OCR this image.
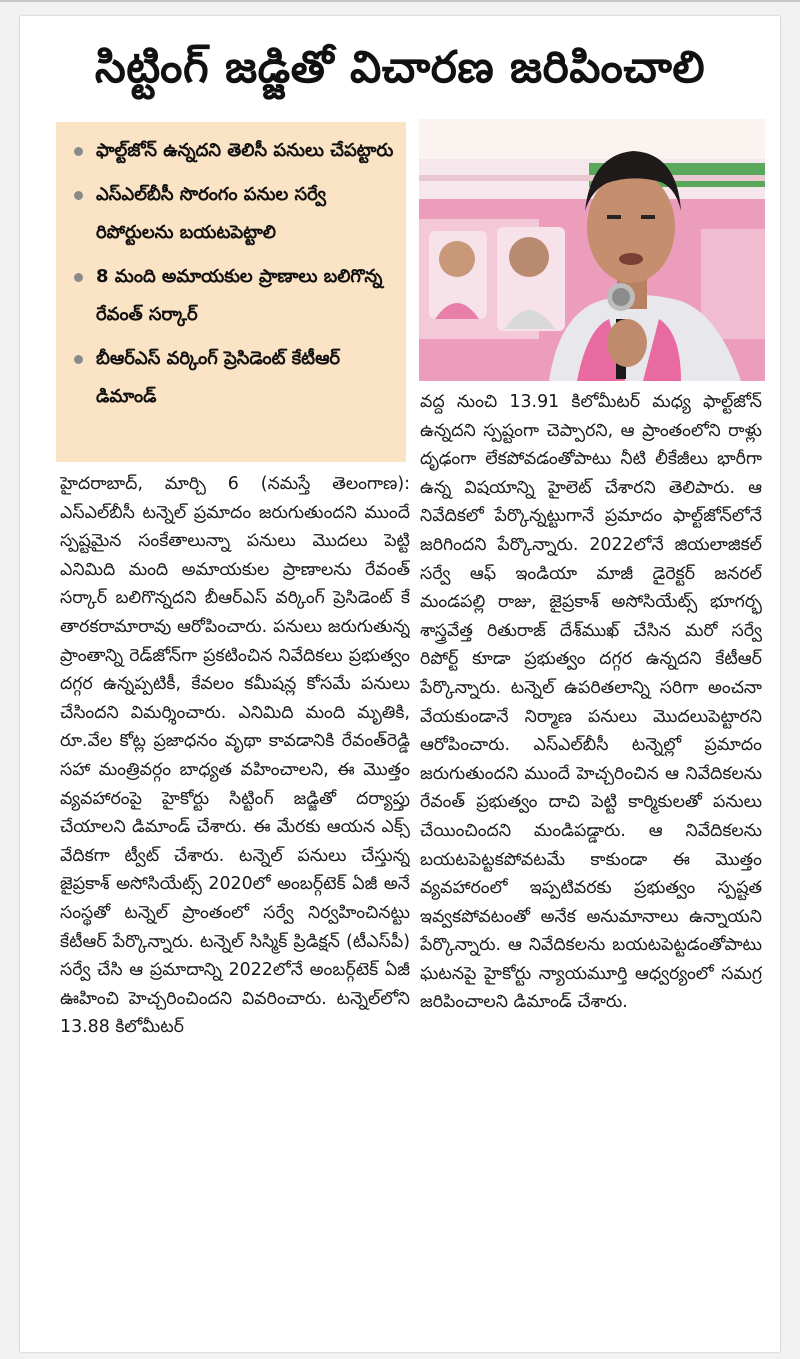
సిట్టింగ్‌ జడ్జితో విచారణ జరిపించాలి
ఫాల్ట్‌జోన్‌ ఉన్నదని తెలిసీ పనులు చేపట్టారు
ఎస్‌ఎల్‌బీసీ సొరంగం పనుల సర్వే రిపోర్టులను బయటపెట్టాలి
8 మంది అమాయకుల ప్రాణాలు బలిగొన్న రేవంత్‌ సర్కార్‌
బీఆర్‌ఎస్‌ వర్కింగ్‌ ప్రెసిడెంట్‌ కేటీఆర్‌ డిమాండ్‌

హైదరాబాద్‌, మార్చి 6 (నమస్తే తెలంగాణ): ఎస్‌ఎల్‌బీసీ టన్నెల్‌ ప్రమాదం జరుగుతుందని ముందే స్పష్టమైన సంకేతాలున్నా పనులు మొదలు పెట్టి ఎనిమిది మంది అమాయకుల ప్రాణాలను రేవంత్‌ సర్కార్‌ బలిగొన్నదని బీఆర్‌ఎస్‌ వర్కింగ్‌ ప్రెసిడెంట్‌ కే తారకరామారావు ఆరోపించారు. పనులు జరుగుతున్న ప్రాంతాన్ని రెడ్‌జోన్‌గా ప్రకటించిన నివేదికలు ప్రభుత్వం దగ్గర ఉన్నప్పటికీ, కేవలం కమీషన్ల కోసమే పనులు చేసిందని విమర్శించారు. ఎనిమిది మంది మృతికి, రూ.వేల కోట్ల ప్రజాధనం వృథా కావడానికి రేవంత్‌రెడ్డి సహా మంత్రివర్గం బాధ్యత వహించాలని, ఈ మొత్తం వ్యవహారంపై హైకోర్టు సిట్టింగ్‌ జడ్జితో దర్యాప్తు చేయాలని డిమాండ్‌ చేశారు. ఈ మేరకు ఆయన ఎక్స్‌ వేదికగా ట్వీట్‌ చేశారు. టన్నెల్‌ పనులు చేస్తున్న జైప్రకాశ్‌ అసోసియేట్స్‌ 2020లో అంబర్గ్‌టెక్‌ ఏజీ అనే సంస్థతో టన్నెల్‌ ప్రాంతంలో సర్వే నిర్వహించినట్టు కేటీఆర్‌ పేర్కొన్నారు. టన్నెల్‌ సిస్మిక్‌ ప్రిడిక్షన్‌ (టీఎస్‌పీ) సర్వే చేసి ఆ ప్రమాదాన్ని 2022లోనే అంబర్గ్‌టెక్‌ ఏజీ ఊహించి హెచ్చరించిందని వివరించారు. టన్నెల్‌లోని 13.88 కిలోమీటర్‌

వద్ద నుంచి 13.91 కిలోమీటర్‌ మధ్య ఫాల్ట్‌జోన్‌ ఉన్నదని స్పష్టంగా చెప్పారని, ఆ ప్రాంతంలోని రాళ్లు దృఢంగా లేకపోవడంతోపాటు నీటి లీకేజీలు భారీగా ఉన్న విషయాన్ని హైలెట్‌ చేశారని తెలిపారు. ఆ నివేదికలో పేర్కొన్నట్టుగానే ప్రమాదం ఫాల్ట్‌జోన్‌లోనే జరిగిందని పేర్కొన్నారు. 2022లోనే జియలాజికల్‌ సర్వే ఆఫ్‌ ఇండియా మాజీ డైరెక్టర్‌ జనరల్‌ మండపల్లి రాజు, జైప్రకాశ్‌ అసోసియేట్స్‌ భూగర్భ శాస్త్రవేత్త రితురాజ్‌ దేశ్‌ముఖ్‌ చేసిన మరో సర్వే రిపోర్ట్‌ కూడా ప్రభుత్వం దగ్గర ఉన్నదని కేటీఆర్‌ పేర్కొన్నారు. టన్నెల్‌ ఉపరితలాన్ని సరిగా అంచనా వేయకుండానే నిర్మాణ పనులు మొదలుపెట్టారని ఆరోపించారు. ఎస్‌ఎల్‌బీసీ టన్నెల్లో ప్రమాదం జరుగుతుందని ముందే హెచ్చరించిన ఆ నివేదికలను రేవంత్‌ ప్రభుత్వం దాచి పెట్టి కార్మికులతో పనులు చేయించిందని మండిపడ్డారు. ఆ నివేదికలను బయటపెట్టకపోవటమే కాకుండా ఈ మొత్తం వ్యవహారంలో ఇప్పటివరకు ప్రభుత్వం స్పష్టత ఇవ్వకపోవటంతో అనేక అనుమానాలు ఉన్నాయని పేర్కొన్నారు. ఆ నివేదికలను బయటపెట్టడంతోపాటు ఘటనపై హైకోర్టు న్యాయమూర్తి ఆధ్వర్యంలో సమగ్ర జరిపించాలని డిమాండ్‌ చేశారు.
